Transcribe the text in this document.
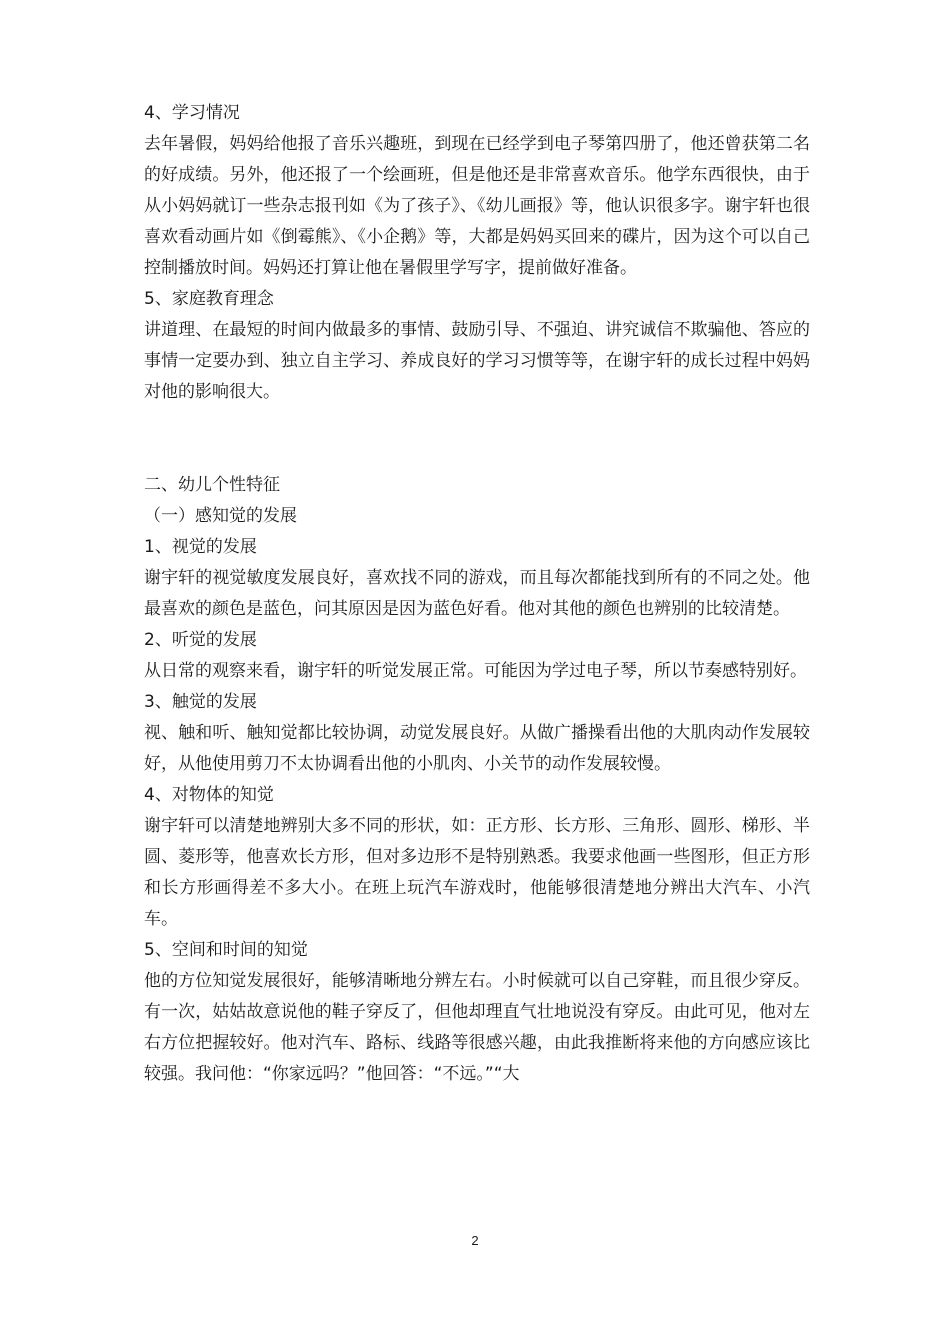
4、学习情况

去年暑假，妈妈给他报了音乐兴趣班，到现在已经学到电子琴第四册了，他还曾获第二名的好成绩。另外，他还报了一个绘画班，但是他还是非常喜欢音乐。他学东西很快，由于从小妈妈就订一些杂志报刊如《为了孩子》、《幼儿画报》等，他认识很多字。谢宇轩也很喜欢看动画片如《倒霉熊》、《小企鹅》等，大都是妈妈买回来的碟片，因为这个可以自己控制播放时间。妈妈还打算让他在暑假里学写字，提前做好准备。

5、家庭教育理念

讲道理、在最短的时间内做最多的事情、鼓励引导、不强迫、讲究诚信不欺骗他、答应的事情一定要办到、独立自主学习、养成良好的学习习惯等等，在谢宇轩的成长过程中妈妈对他的影响很大。

二、幼儿个性特征

（一）感知觉的发展

1、视觉的发展

谢宇轩的视觉敏度发展良好，喜欢找不同的游戏，而且每次都能找到所有的不同之处。他最喜欢的颜色是蓝色，问其原因是因为蓝色好看。他对其他的颜色也辨别的比较清楚。

2、听觉的发展

从日常的观察来看，谢宇轩的听觉发展正常。可能因为学过电子琴，所以节奏感特别好。

3、触觉的发展

视、触和听、触知觉都比较协调，动觉发展良好。从做广播操看出他的大肌肉动作发展较好，从他使用剪刀不太协调看出他的小肌肉、小关节的动作发展较慢。

4、对物体的知觉

谢宇轩可以清楚地辨别大多不同的形状，如：正方形、长方形、三角形、圆形、梯形、半圆、菱形等，他喜欢长方形，但对多边形不是特别熟悉。我要求他画一些图形，但正方形和长方形画得差不多大小。在班上玩汽车游戏时，他能够很清楚地分辨出大汽车、小汽车。

5、空间和时间的知觉

他的方位知觉发展很好，能够清晰地分辨左右。小时候就可以自己穿鞋，而且很少穿反。有一次，姑姑故意说他的鞋子穿反了，但他却理直气壮地说没有穿反。由此可见，他对左右方位把握较好。他对汽车、路标、线路等很感兴趣，由此我推断将来他的方向感应该比较强。我问他：“你家远吗？”他回答：“不远。”“大

2
